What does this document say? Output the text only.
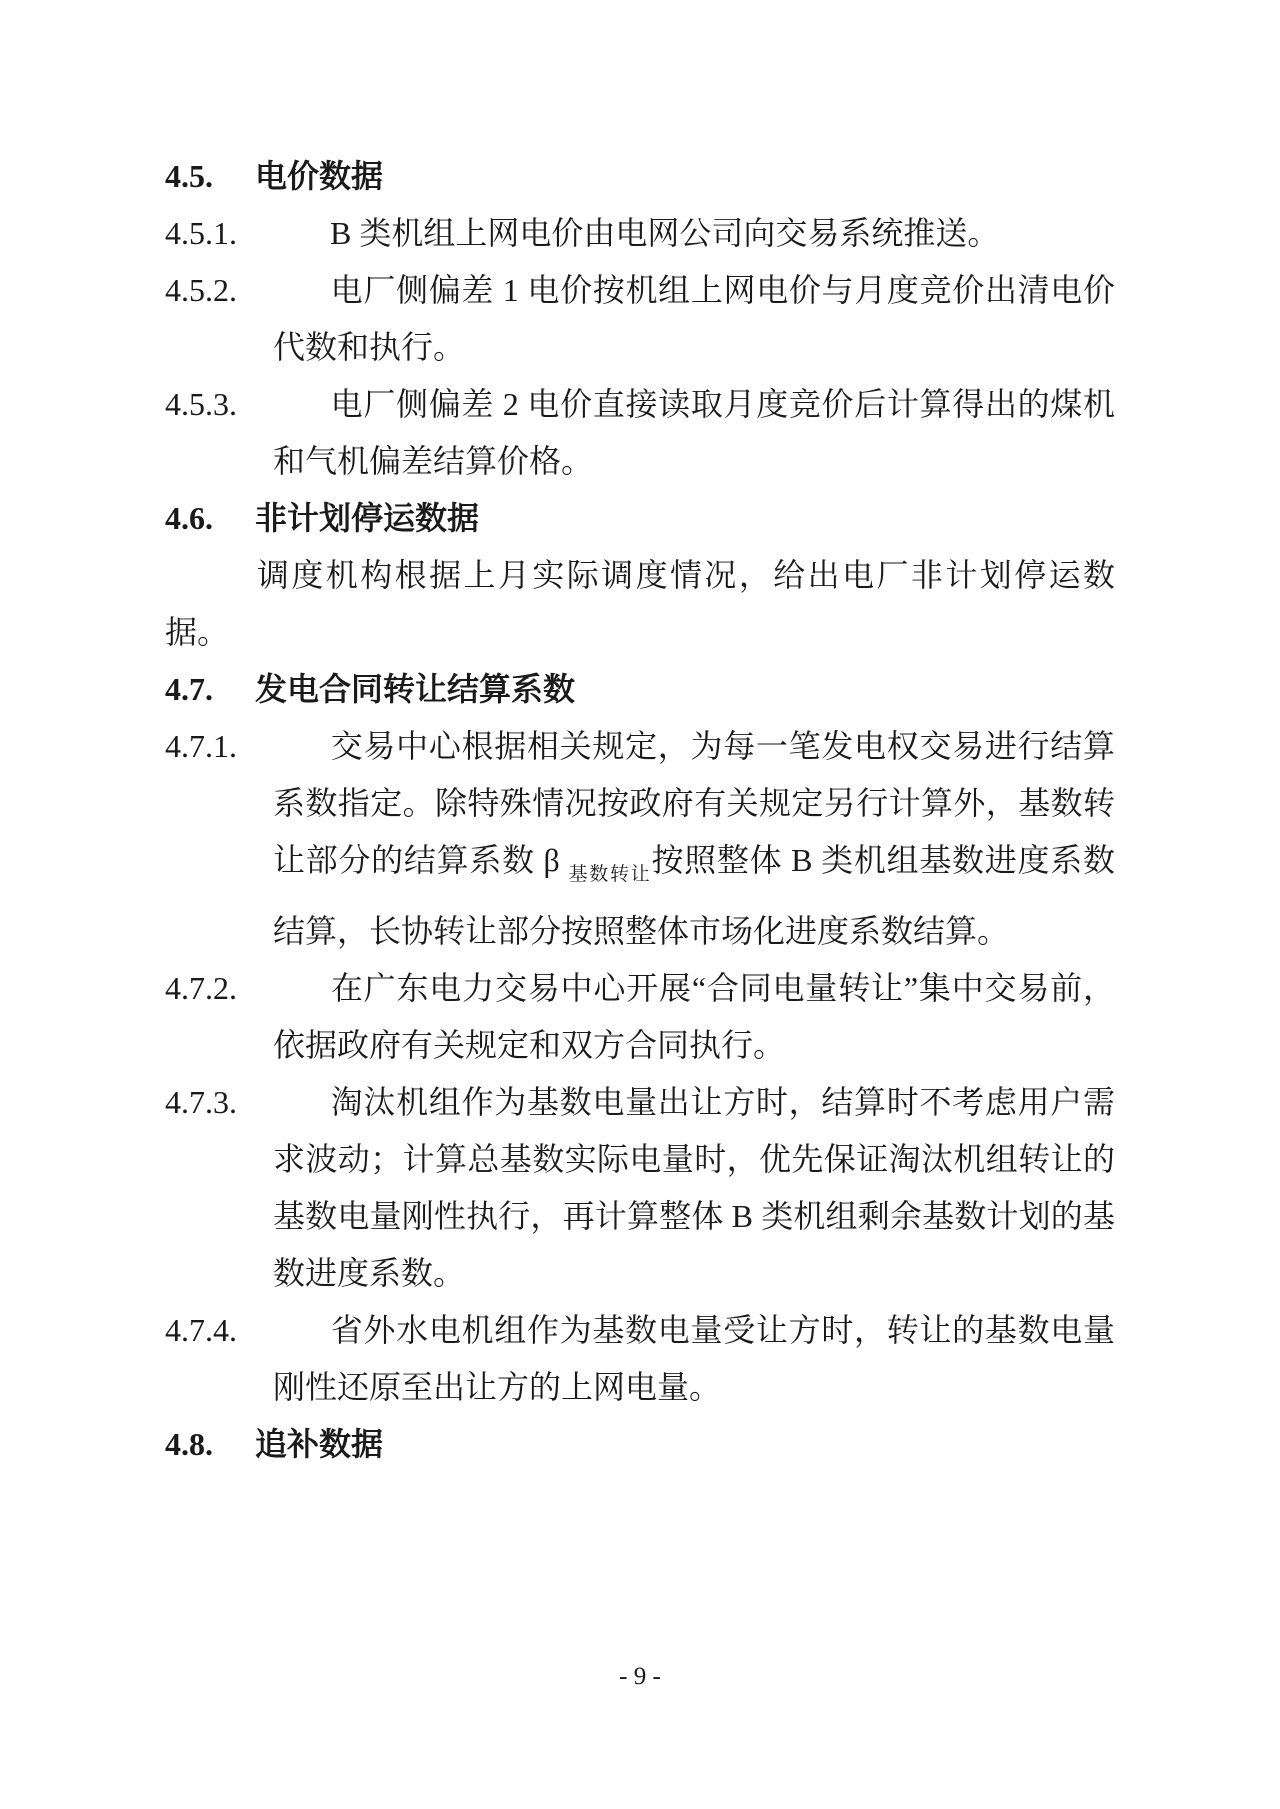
4.5. 电价数据

4.5.1.	B 类机组上网电价由电网公司向交易系统推送。

4.5.2.	电厂侧偏差 1 电价按机组上网电价与月度竞价出清电价代数和执行。

4.5.3.	电厂侧偏差 2 电价直接读取月度竞价后计算得出的煤机和气机偏差结算价格。

4.6. 非计划停运数据

调度机构根据上月实际调度情况，给出电厂非计划停运数据。

4.7. 发电合同转让结算系数

4.7.1.	交易中心根据相关规定，为每一笔发电权交易进行结算系数指定。除特殊情况按政府有关规定另行计算外，基数转让部分的结算系数 β $_{基数转让}$按照整体 B 类机组基数进度系数结算，长协转让部分按照整体市场化进度系数结算。

4.7.2.	在广东电力交易中心开展“合同电量转让”集中交易前，依据政府有关规定和双方合同执行。

4.7.3.	淘汰机组作为基数电量出让方时，结算时不考虑用户需求波动；计算总基数实际电量时，优先保证淘汰机组转让的基数电量刚性执行，再计算整体 B 类机组剩余基数计划的基数进度系数。

4.7.4.	省外水电机组作为基数电量受让方时，转让的基数电量刚性还原至出让方的上网电量。

4.8. 追补数据

- 9 -
